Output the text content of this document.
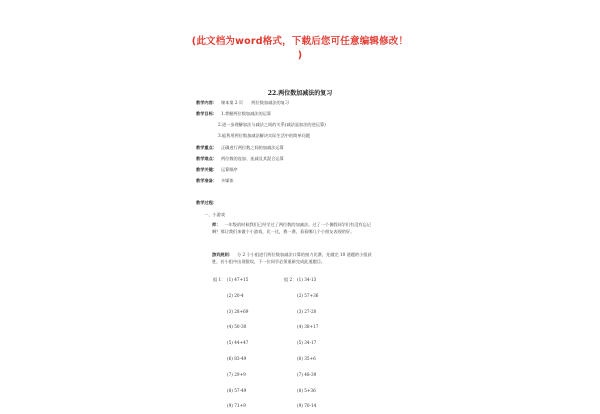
(此文档为word格式，下载后您可任意编辑修改！
)
22.两位数加减法的复习
教学内容： 课本第 2 页　　两位数加减法的复习
教学目标： 1.掌握两位数加减法的运算
2.进一步理解加法与减法之间的关系(减法是加法的逆运算)
3.能利用两位数加减法解决实际生活中的简单问题
教学重点： 正确进行两位数之间的加减法运算
教学难点： 两位数的连加、连减及其混合运算
教学关键： 运算顺序
教学准备： 多媒体
教学过程：
一、小游戏
师： 一年级的时候我们已经学过了两位数的加减法。过了一个暑假同学们有没有忘记啊？那让我们来做个小游戏，比一比，赛一赛，看看哪几个小朋友表现的好。
游戏规则： 分 2 个小组进行两位数加减法口算的接力比赛，先做完 10 道题的小组获胜，若小组中出现错误，下一位同学必须重新完成此道题目。
组 1：	组 2：
(1) 47+15
(2) 20-4
(3) 28+69
(4) 50-30
(5) 44+47
(6) 83-49
(7) 29+9
(8) 57-49
(9) 71+9
(1) 34-13
(2) 57+36
(3) 27-20
(4) 38+17
(5) 34-17
(6) 35+6
(7) 48-39
(8) 5+36
(9) 70-14
